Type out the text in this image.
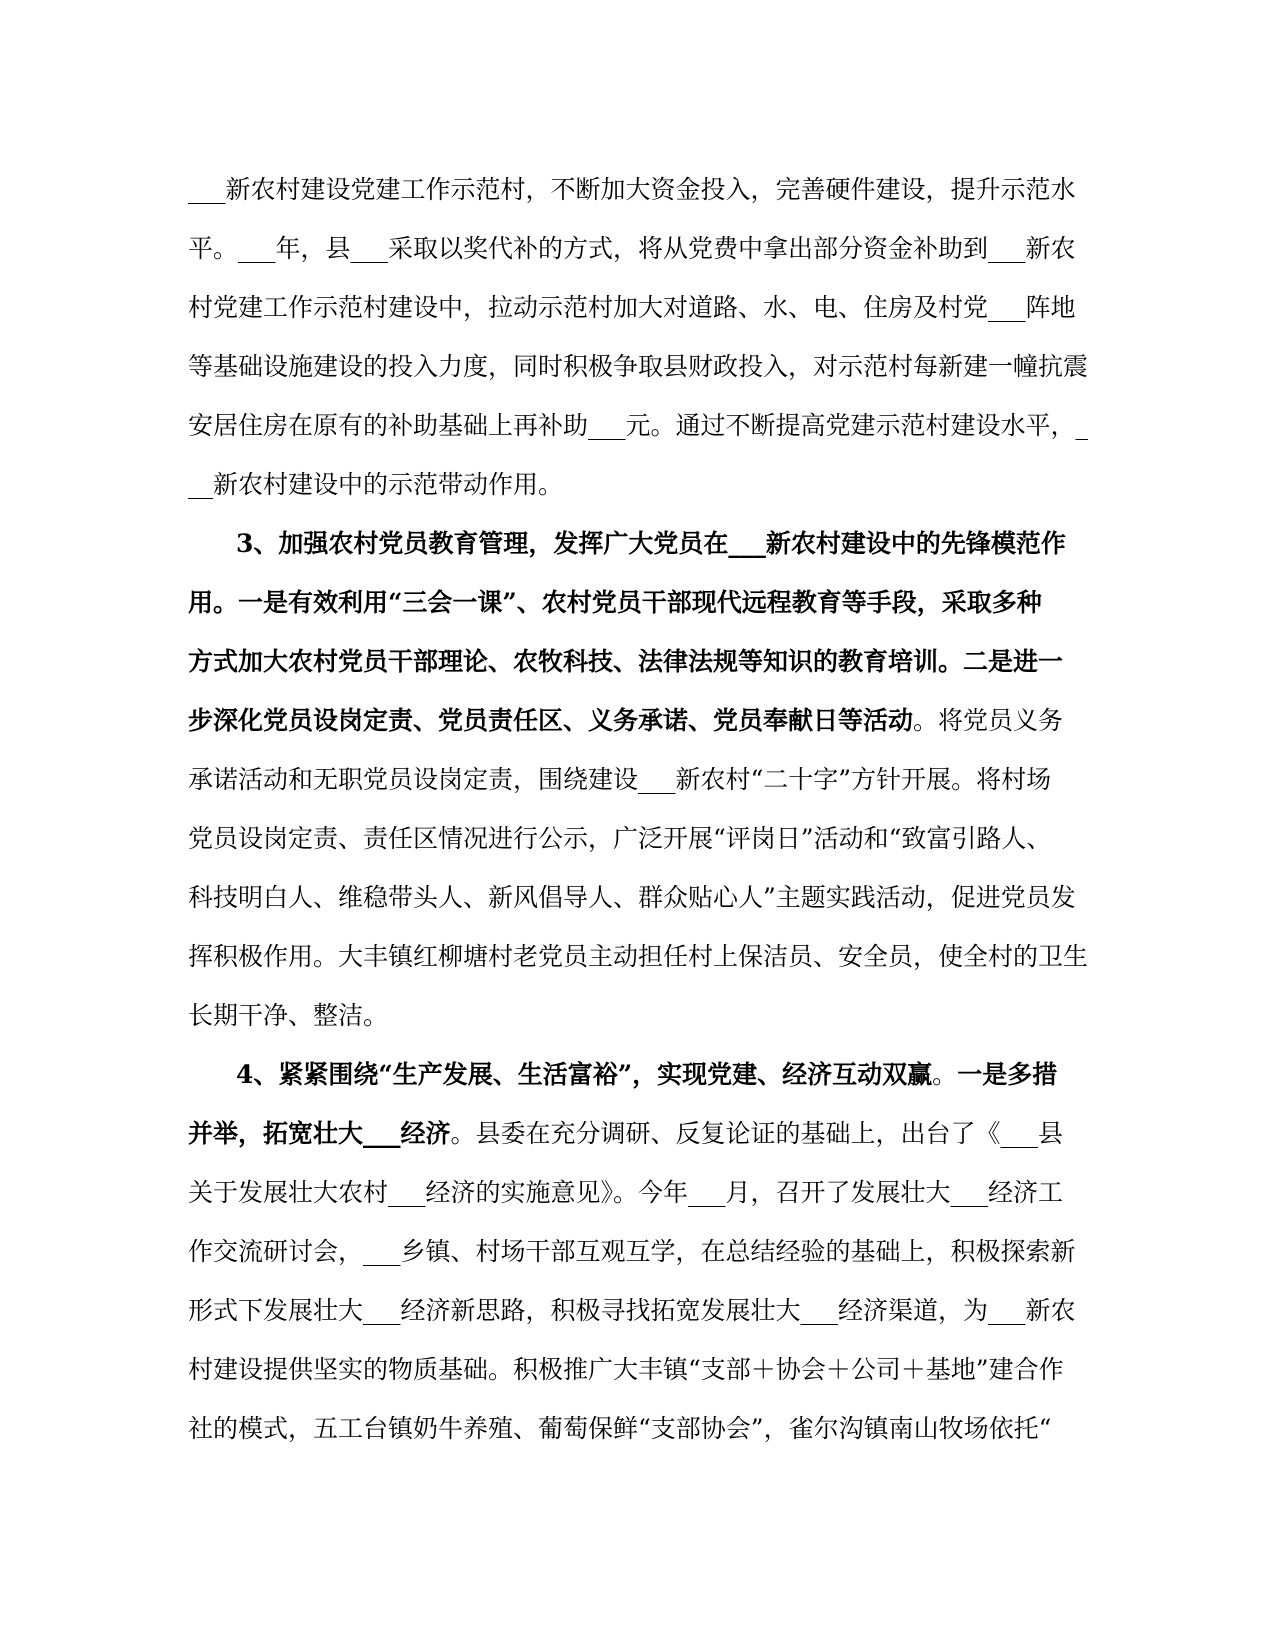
___新农村建设党建工作示范村，不断加大资金投入，完善硬件建设，提升示范水
平。___年，县___采取以奖代补的方式，将从党费中拿出部分资金补助到___新农
村党建工作示范村建设中，拉动示范村加大对道路、水、电、住房及村党___阵地
等基础设施建设的投入力度，同时积极争取县财政投入，对示范村每新建一幢抗震
安居住房在原有的补助基础上再补助___元。通过不断提高党建示范村建设水平，_
__新农村建设中的示范带动作用。
3、加强农村党员教育管理，发挥广大党员在___新农村建设中的先锋模范作
用。一是有效利用“三会一课”、农村党员干部现代远程教育等手段，采取多种
方式加大农村党员干部理论、农牧科技、法律法规等知识的教育培训。二是进一
步深化党员设岗定责、党员责任区、义务承诺、党员奉献日等活动。将党员义务
承诺活动和无职党员设岗定责，围绕建设___新农村“二十字”方针开展。将村场
党员设岗定责、责任区情况进行公示，广泛开展“评岗日”活动和“致富引路人、
科技明白人、维稳带头人、新风倡导人、群众贴心人”主题实践活动，促进党员发
挥积极作用。大丰镇红柳塘村老党员主动担任村上保洁员、安全员，使全村的卫生
长期干净、整洁。
4、紧紧围绕“生产发展、生活富裕”，实现党建、经济互动双赢。一是多措
并举，拓宽壮大___经济。县委在充分调研、反复论证的基础上，出台了《___县
关于发展壮大农村___经济的实施意见》。今年___月，召开了发展壮大___经济工
作交流研讨会，___乡镇、村场干部互观互学，在总结经验的基础上，积极探索新
形式下发展壮大___经济新思路，积极寻找拓宽发展壮大___经济渠道，为___新农
村建设提供坚实的物质基础。积极推广大丰镇“支部＋协会＋公司＋基地”建合作
社的模式，五工台镇奶牛养殖、葡萄保鲜“支部协会”，雀尔沟镇南山牧场依托“
